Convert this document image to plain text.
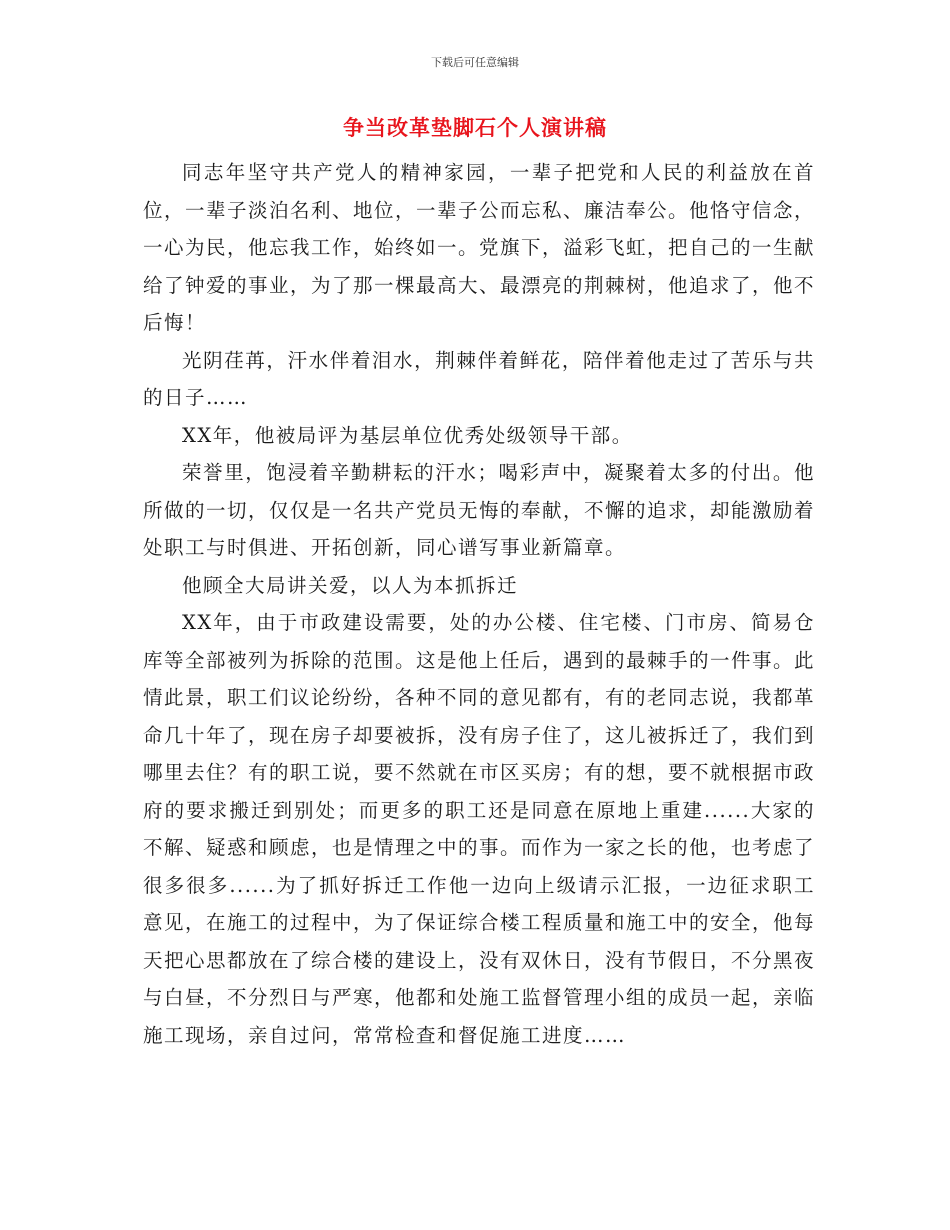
下载后可任意编辑
争当改革垫脚石个人演讲稿

同志年坚守共产党人的精神家园，一辈子把党和人民的利益放在首位，一辈子淡泊名利、地位，一辈子公而忘私、廉洁奉公。他恪守信念，一心为民，他忘我工作，始终如一。党旗下，溢彩飞虹，把自己的一生献给了钟爱的事业，为了那一棵最高大、最漂亮的荆棘树，他追求了，他不后悔！

光阴荏苒，汗水伴着泪水，荆棘伴着鲜花，陪伴着他走过了苦乐与共的日子……

XX年，他被局评为基层单位优秀处级领导干部。

荣誉里，饱浸着辛勤耕耘的汗水；喝彩声中，凝聚着太多的付出。他所做的一切，仅仅是一名共产党员无悔的奉献，不懈的追求，却能激励着处职工与时俱进、开拓创新，同心谱写事业新篇章。

他顾全大局讲关爱，以人为本抓拆迁

XX年，由于市政建设需要，处的办公楼、住宅楼、门市房、简易仓库等全部被列为拆除的范围。这是他上任后，遇到的最棘手的一件事。此情此景，职工们议论纷纷，各种不同的意见都有，有的老同志说，我都革命几十年了，现在房子却要被拆，没有房子住了，这儿被拆迁了，我们到哪里去住？有的职工说，要不然就在市区买房；有的想，要不就根据市政府的要求搬迁到别处；而更多的职工还是同意在原地上重建......大家的不解、疑惑和顾虑，也是情理之中的事。而作为一家之长的他，也考虑了很多很多......为了抓好拆迁工作他一边向上级请示汇报，一边征求职工意见，在施工的过程中，为了保证综合楼工程质量和施工中的安全，他每天把心思都放在了综合楼的建设上，没有双休日，没有节假日，不分黑夜与白昼，不分烈日与严寒，他都和处施工监督管理小组的成员一起，亲临施工现场，亲自过问，常常检查和督促施工进度……
